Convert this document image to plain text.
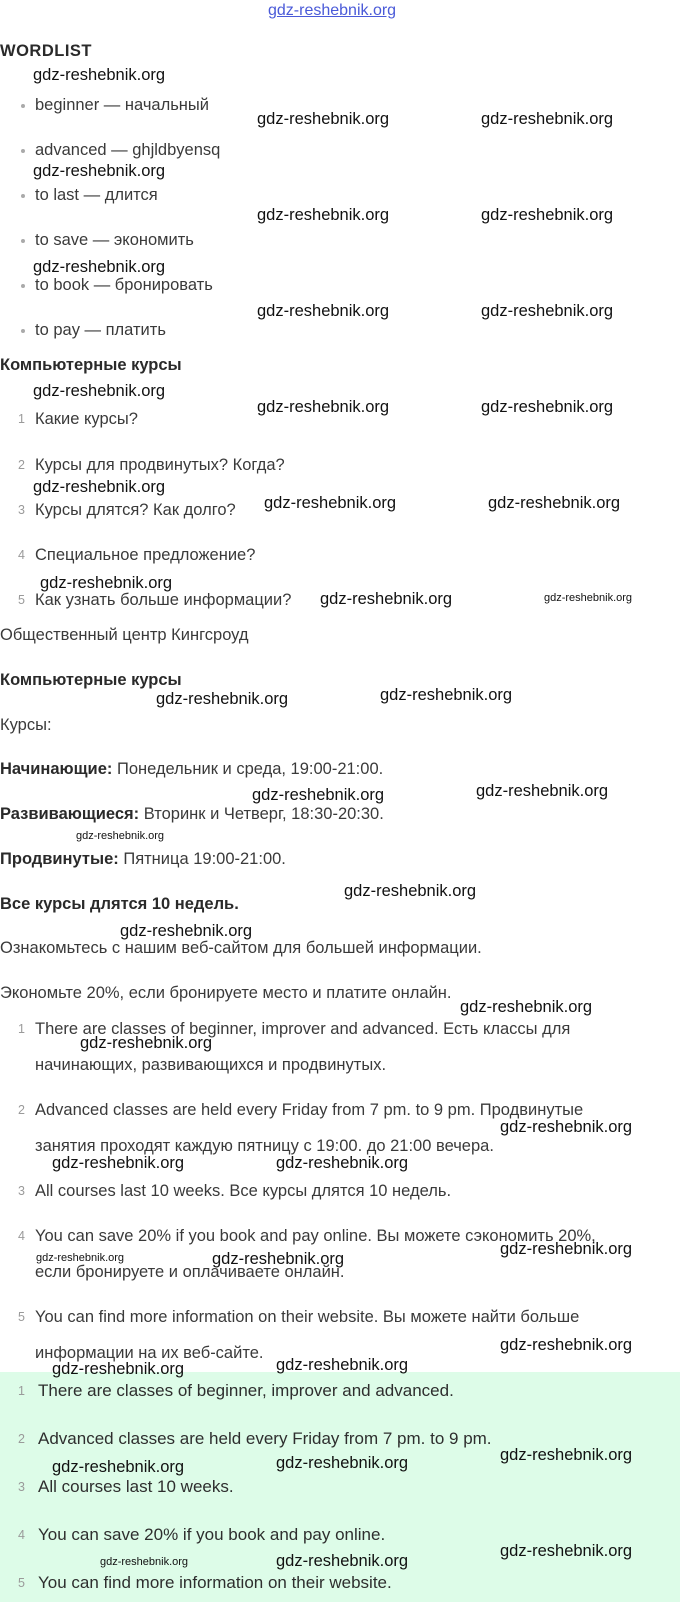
gdz-reshebnik.org
WORDLIST
beginner — начальный
advanced — ghjldbyensq
to last — длится
to save — экономить
to book — бронировать
to pay — платить
Компьютерные курсы
1 Какие курсы?
2 Курсы для продвинутых? Когда?
3 Курсы длятся? Как долго?
4 Специальное предложение?
5 Как узнать больше информации?
Общественный центр Кингсроуд
Компьютерные курсы
Курсы:
Начинающие: Понедельник и среда, 19:00-21:00.
Развивающиеся: Вторинк и Четверг, 18:30-20:30.
Продвинутые: Пятница 19:00-21:00.
Все курсы длятся 10 недель.
Ознакомьтесь с нашим веб-сайтом для большей информации.
Экономьте 20%, если бронируете место и платите онлайн.
1 There are classes of beginner, improver and advanced. Есть классы для
начинающих, развивающихся и продвинутых.
2 Advanced classes are held every Friday from 7 pm. to 9 pm. Продвинутые
занятия проходят каждую пятницу с 19:00. до 21:00 вечера.
3 All courses last 10 weeks. Все курсы длятся 10 недель.
4 You can save 20% if you book and pay online. Вы можете сэкономить 20%,
если бронируете и оплачиваете онлайн.
5 You can find more information on their website. Вы можете найти больше
информации на их веб-сайте.
1 There are classes of beginner, improver and advanced.
2 Advanced classes are held every Friday from 7 pm. to 9 pm.
3 All courses last 10 weeks.
4 You can save 20% if you book and pay online.
5 You can find more information on their website.
gdz-reshebnik.org
gdz-reshebnik.org	gdz-reshebnik.org
gdz-reshebnik.org
gdz-reshebnik.org	gdz-reshebnik.org
gdz-reshebnik.org
gdz-reshebnik.org	gdz-reshebnik.org
gdz-reshebnik.org
gdz-reshebnik.org	gdz-reshebnik.org
gdz-reshebnik.org
gdz-reshebnik.org	gdz-reshebnik.org
gdz-reshebnik.org
gdz-reshebnik.org	gdz-reshebnik.org
gdz-reshebnik.org
gdz-reshebnik.org
gdz-reshebnik.org
gdz-reshebnik.org
gdz-reshebnik.org
gdz-reshebnik.org
gdz-reshebnik.org
gdz-reshebnik.org
gdz-reshebnik.org
gdz-reshebnik.org
gdz-reshebnik.org	gdz-reshebnik.org
gdz-reshebnik.org
gdz-reshebnik.org	gdz-reshebnik.org
gdz-reshebnik.org
gdz-reshebnik.org	gdz-reshebnik.org
gdz-reshebnik.org
gdz-reshebnik.org	gdz-reshebnik.org
gdz-reshebnik.org
gdz-reshebnik.org	gdz-reshebnik.org
